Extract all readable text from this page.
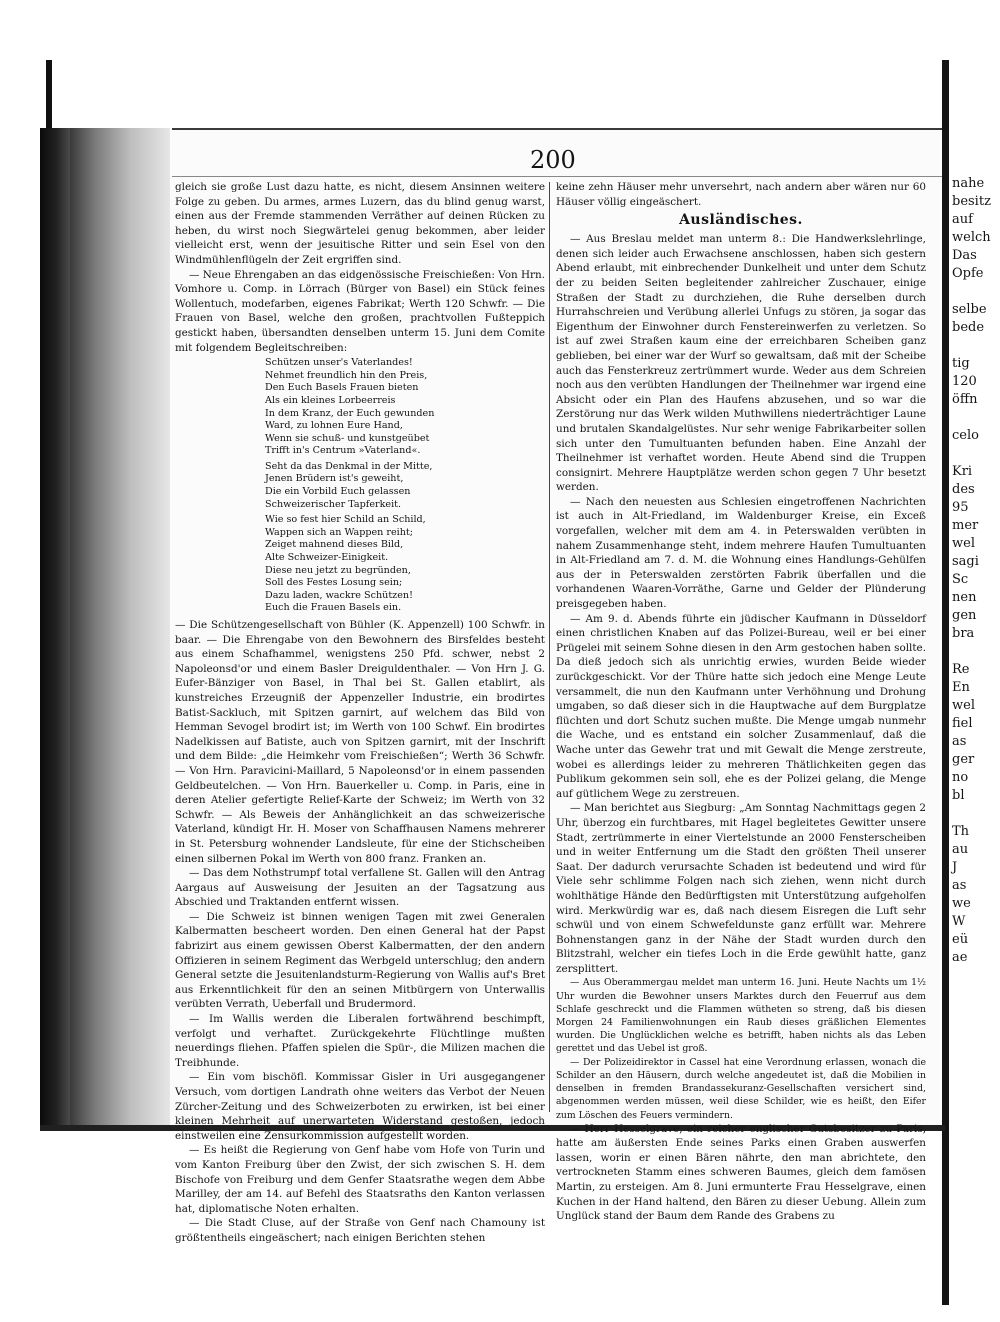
200

gleich sie große Lust dazu hatte, es nicht, diesem Ansinnen weitere Folge zu geben. Du armes, armes Luzern, das du blind genug warst, einen aus der Fremde stammenden Verräther auf deinen Rücken zu heben, du wirst noch Siegwärtelei genug bekommen, aber leider vielleicht erst, wenn der jesuitische Ritter und sein Esel von den Windmühlenflügeln der Zeit ergriffen sind.

— Neue Ehrengaben an das eidgenössische Freischießen: Von Hrn. Vomhore u. Comp. in Lörrach (Bürger von Basel) ein Stück feines Wollentuch, modefarben, eigenes Fabrikat; Werth 120 Schwfr. — Die Frauen von Basel, welche den großen, prachtvollen Fußteppich gestickt haben, übersandten denselben unterm 15. Juni dem Comite mit folgendem Begleitschreiben:

Schützen unser's Vaterlandes!
Nehmet freundlich hin den Preis,
Den Euch Basels Frauen bieten
Als ein kleines Lorbeerreis
In dem Kranz, der Euch gewunden
Ward, zu lohnen Eure Hand,
Wenn sie schuß- und kunstgeübet
Trifft in's Centrum »Vaterland«.
Seht da das Denkmal in der Mitte,
Jenen Brüdern ist's geweiht,
Die ein Vorbild Euch gelassen
Schweizerischer Tapferkeit.
Wie so fest hier Schild an Schild,
Wappen sich an Wappen reiht;
Zeiget mahnend dieses Bild,
Alte Schweizer-Einigkeit.
Diese neu jetzt zu begründen,
Soll des Festes Losung sein;
Dazu laden, wackre Schützen!
Euch die Frauen Basels ein.

— Die Schützengesellschaft von Bühler (K. Appenzell) 100 Schwfr. in baar. — Die Ehrengabe von den Bewohnern des Birsfeldes besteht aus einem Schafhammel, wenigstens 250 Pfd. schwer, nebst 2 Napoleonsd'or und einem Basler Dreiguldenthaler. — Von Hrn J. G. Eufer-Bänziger von Basel, in Thal bei St. Gallen etablirt, als kunstreiches Erzeugniß der Appenzeller Industrie, ein brodirtes Batist-Sackluch, mit Spitzen garnirt, auf welchem das Bild von Hemman Sevogel brodirt ist; im Werth von 100 Schwf. Ein brodirtes Nadelkissen auf Batiste, auch von Spitzen garnirt, mit der Inschrift und dem Bilde: „die Heimkehr vom Freischießen“; Werth 36 Schwfr. — Von Hrn. Paravicini-Maillard, 5 Napoleonsd'or in einem passenden Geldbeutelchen. — Von Hrn. Bauerkeller u. Comp. in Paris, eine in deren Atelier gefertigte Relief-Karte der Schweiz; im Werth von 32 Schwfr. — Als Beweis der Anhänglichkeit an das schweizerische Vaterland, kündigt Hr. H. Moser von Schaffhausen Namens mehrerer in St. Petersburg wohnender Landsleute, für eine der Stichscheiben einen silbernen Pokal im Werth von 800 franz. Franken an.

— Das dem Nothstrumpf total verfallene St. Gallen will den Antrag Aargaus auf Ausweisung der Jesuiten an der Tagsatzung aus Abschied und Traktanden entfernt wissen.

— Die Schweiz ist binnen wenigen Tagen mit zwei Generalen Kalbermatten bescheert worden. Den einen General hat der Papst fabrizirt aus einem gewissen Oberst Kalbermatten, der den andern Offizieren in seinem Regiment das Werbgeld unterschlug; den andern General setzte die Jesuitenlandsturm-Regierung von Wallis auf's Bret aus Erkenntlichkeit für den an seinen Mitbürgern von Unterwallis verübten Verrath, Ueberfall und Brudermord.

— Im Wallis werden die Liberalen fortwährend beschimpft, verfolgt und verhaftet. Zurückgekehrte Flüchtlinge mußten neuerdings fliehen. Pfaffen spielen die Spür-, die Milizen machen die Treibhunde.

— Ein vom bischöfl. Kommissar Gisler in Uri ausgegangener Versuch, vom dortigen Landrath ohne weiters das Verbot der Neuen Zürcher-Zeitung und des Schweizerboten zu erwirken, ist bei einer kleinen Mehrheit auf unerwarteten Widerstand gestoßen, jedoch einstweilen eine Zensurkommission aufgestellt worden.

— Es heißt die Regierung von Genf habe vom Hofe von Turin und vom Kanton Freiburg über den Zwist, der sich zwischen S. H. dem Bischofe von Freiburg und dem Genfer Staatsrathe wegen dem Abbe Marilley, der am 14. auf Befehl des Staatsraths den Kanton verlassen hat, diplomatische Noten erhalten.

— Die Stadt Cluse, auf der Straße von Genf nach Chamouny ist größtentheils eingeäschert; nach einigen Berichten stehen

keine zehn Häuser mehr unversehrt, nach andern aber wären nur 60 Häuser völlig eingeäschert.

Ausländisches.

— Aus Breslau meldet man unterm 8.: Die Handwerkslehrlinge, denen sich leider auch Erwachsene anschlossen, haben sich gestern Abend erlaubt, mit einbrechender Dunkelheit und unter dem Schutz der zu beiden Seiten begleitender zahlreicher Zuschauer, einige Straßen der Stadt zu durchziehen, die Ruhe derselben durch Hurrahschreien und Verübung allerlei Unfugs zu stören, ja sogar das Eigenthum der Einwohner durch Fenstereinwerfen zu verletzen. So ist auf zwei Straßen kaum eine der erreichbaren Scheiben ganz geblieben, bei einer war der Wurf so gewaltsam, daß mit der Scheibe auch das Fensterkreuz zertrümmert wurde. Weder aus dem Schreien noch aus den verübten Handlungen der Theilnehmer war irgend eine Absicht oder ein Plan des Haufens abzusehen, und so war die Zerstörung nur das Werk wilden Muthwillens niederträchtiger Laune und brutalen Skandalgelüstes. Nur sehr wenige Fabrikarbeiter sollen sich unter den Tumultuanten befunden haben. Eine Anzahl der Theilnehmer ist verhaftet worden. Heute Abend sind die Truppen consignirt. Mehrere Hauptplätze werden schon gegen 7 Uhr besetzt werden.

— Nach den neuesten aus Schlesien eingetroffenen Nachrichten ist auch in Alt-Friedland, im Waldenburger Kreise, ein Exceß vorgefallen, welcher mit dem am 4. in Peterswalden verübten in nahem Zusammenhange steht, indem mehrere Haufen Tumultuanten in Alt-Friedland am 7. d. M. die Wohnung eines Handlungs-Gehülfen aus der in Peterswalden zerstörten Fabrik überfallen und die vorhandenen Waaren-Vorräthe, Garne und Gelder der Plünderung preisgegeben haben.

— Am 9. d. Abends führte ein jüdischer Kaufmann in Düsseldorf einen christlichen Knaben auf das Polizei-Bureau, weil er bei einer Prügelei mit seinem Sohne diesen in den Arm gestochen haben sollte. Da dieß jedoch sich als unrichtig erwies, wurden Beide wieder zurückgeschickt. Vor der Thüre hatte sich jedoch eine Menge Leute versammelt, die nun den Kaufmann unter Verhöhnung und Drohung umgaben, so daß dieser sich in die Hauptwache auf dem Burgplatze flüchten und dort Schutz suchen mußte. Die Menge umgab nunmehr die Wache, und es entstand ein solcher Zusammenlauf, daß die Wache unter das Gewehr trat und mit Gewalt die Menge zerstreute, wobei es allerdings leider zu mehreren Thätlichkeiten gegen das Publikum gekommen sein soll, ehe es der Polizei gelang, die Menge auf gütlichem Wege zu zerstreuen.

— Man berichtet aus Siegburg: „Am Sonntag Nachmittags gegen 2 Uhr, überzog ein furchtbares, mit Hagel begleitetes Gewitter unsere Stadt, zertrümmerte in einer Viertelstunde an 2000 Fensterscheiben und in weiter Entfernung um die Stadt den größten Theil unserer Saat. Der dadurch verursachte Schaden ist bedeutend und wird für Viele sehr schlimme Folgen nach sich ziehen, wenn nicht durch wohlthätige Hände den Bedürftigsten mit Unterstützung aufgeholfen wird. Merkwürdig war es, daß nach diesem Eisregen die Luft sehr schwül und von einem Schwefeldunste ganz erfüllt war. Mehrere Bohnenstangen ganz in der Nähe der Stadt wurden durch den Blitzstrahl, welcher ein tiefes Loch in die Erde gewühlt hatte, ganz zersplittert.

— Aus Oberammergau meldet man unterm 16. Juni. Heute Nachts um 1½ Uhr wurden die Bewohner unsers Marktes durch den Feuerruf aus dem Schlafe geschreckt und die Flammen wütheten so streng, daß bis diesen Morgen 24 Familienwohnungen ein Raub dieses gräßlichen Elementes wurden. Die Unglücklichen welche es betrifft, haben nichts als das Leben gerettet und das Uebel ist groß.

— Der Polizeidirektor in Cassel hat eine Verordnung erlassen, wonach die Schilder an den Häusern, durch welche angedeutet ist, daß die Mobilien in denselben in fremden Brandassekuranz-Gesellschaften versichert sind, abgenommen werden müssen, weil diese Schilder, wie es heißt, den Eifer zum Löschen des Feuers vermindern.

— Herr Hesselgrave, ein reicher englischer Gutsbesitzer zu Paris, hatte am äußersten Ende seines Parks einen Graben auswerfen lassen, worin er einen Bären nährte, den man abrichtete, den vertrockneten Stamm eines schweren Baumes, gleich dem famösen Martin, zu ersteigen. Am 8. Juni ermunterte Frau Hesselgrave, einen Kuchen in der Hand haltend, den Bären zu dieser Uebung. Allein zum Unglück stand der Baum dem Rande des Grabens zu

nahe
besitz
auf
welch
Das
Opfe

selbe
bede

tig
120
öffn

celo

Kri
des
95
mer
wel
sagi
Sc
nen
gen
bra

Re
En
wel
fiel
as
ger
no
bl

Th
au
J
as
we
W
eü
ae
